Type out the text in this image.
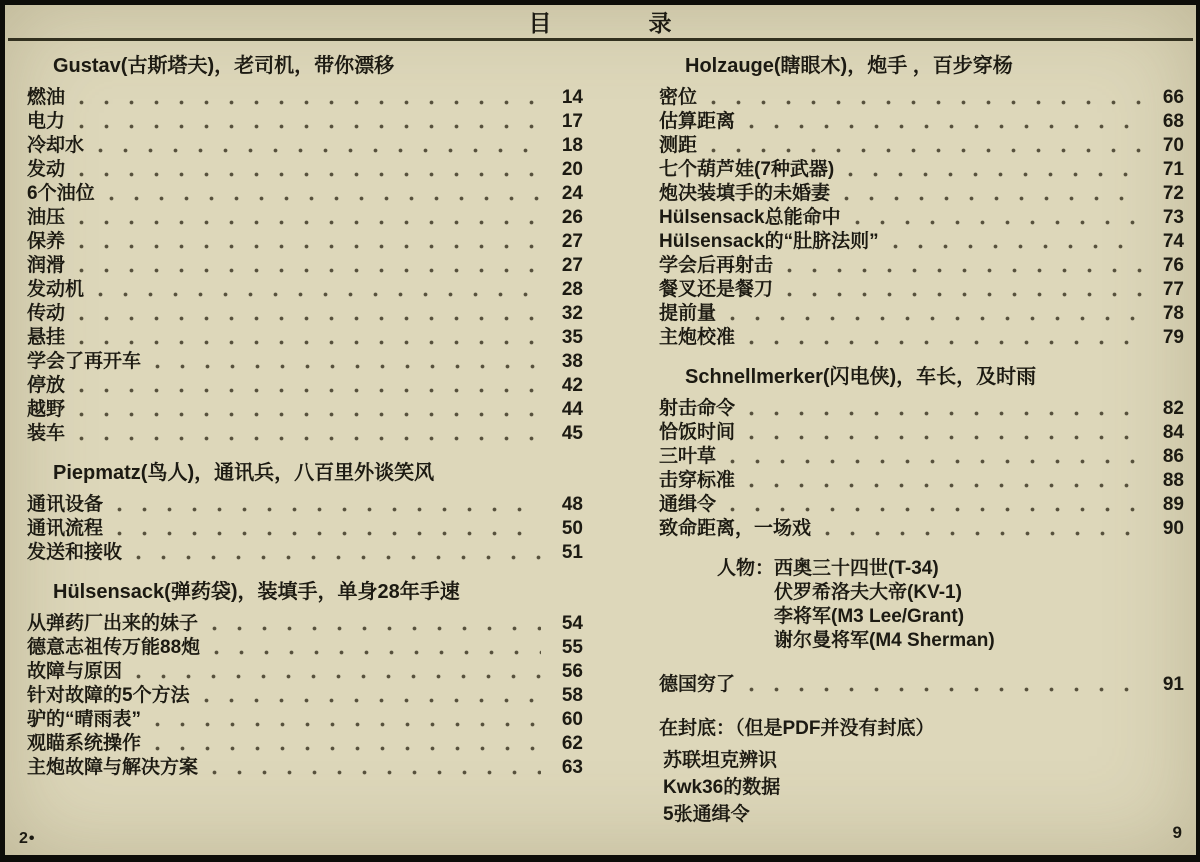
目　　　　录
Gustav(古斯塔夫)，老司机，带你漂移
燃油	14
电力	17
冷却水	18
发动	20
6个油位	24
油压	26
保养	27
润滑	27
发动机	28
传动	32
悬挂	35
学会了再开车	38
停放	42
越野	44
装车	45
Piepmatz(鸟人)，通讯兵，八百里外谈笑风
通讯设备	48
通讯流程	50
发送和接收	51
Hülsensack(弹药袋)，装填手，单身28年手速
从弹药厂出来的妹子	54
德意志祖传万能88炮	55
故障与原因	56
针对故障的5个方法	58
驴的“晴雨表”	60
观瞄系统操作	62
主炮故障与解决方案	63
Holzauge(瞎眼木)，炮手 ，百步穿杨
密位	66
估算距离	68
测距	70
七个葫芦娃(7种武器)	71
炮决装填手的未婚妻	72
Hülsensack总能命中	73
Hülsensack的“肚脐法则”	74
学会后再射击	76
餐叉还是餐刀	77
提前量	78
主炮校准	79
Schnellmerker(闪电侠)，车长，及时雨
射击命令	82
恰饭时间	84
三叶草	86
击穿标准	88
通缉令	89
致命距离，一场戏	90
人物： 西奥三十四世(T-34)
伏罗希洛夫大帝(KV-1)
李将军(M3 Lee/Grant)
谢尔曼将军(M4 Sherman)
德国穷了	91
在封底：（但是PDF并没有封底）
苏联坦克辨识
Kwk36的数据
5张通缉令
2•	9
